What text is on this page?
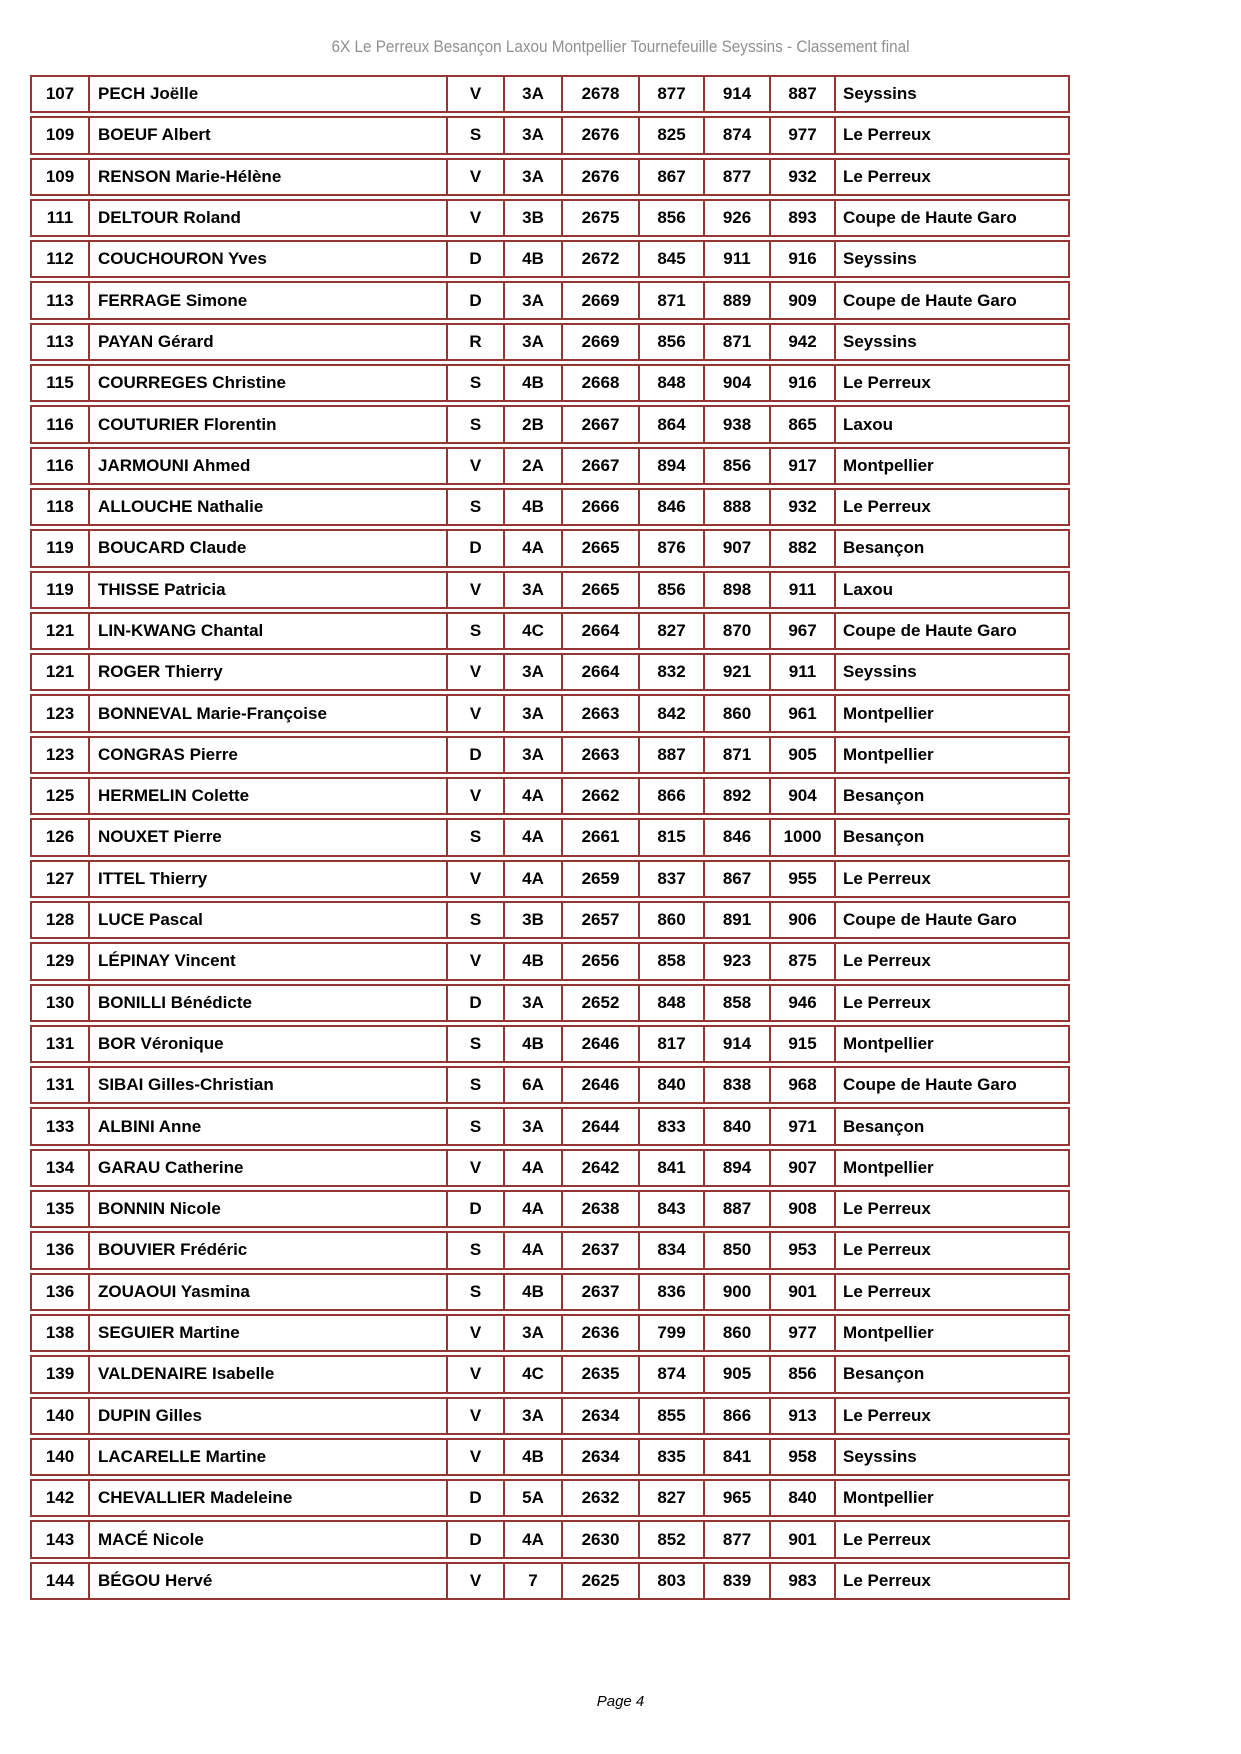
6X Le Perreux Besançon Laxou Montpellier Tournefeuille Seyssins - Classement final
107	PECH Joëlle	V	3A	2678	877	914	887	Seyssins
109	BOEUF Albert	S	3A	2676	825	874	977	Le Perreux
109	RENSON Marie-Hélène	V	3A	2676	867	877	932	Le Perreux
111	DELTOUR Roland	V	3B	2675	856	926	893	Coupe de Haute Garo
112	COUCHOURON Yves	D	4B	2672	845	911	916	Seyssins
113	FERRAGE Simone	D	3A	2669	871	889	909	Coupe de Haute Garo
113	PAYAN Gérard	R	3A	2669	856	871	942	Seyssins
115	COURREGES Christine	S	4B	2668	848	904	916	Le Perreux
116	COUTURIER Florentin	S	2B	2667	864	938	865	Laxou
116	JARMOUNI Ahmed	V	2A	2667	894	856	917	Montpellier
118	ALLOUCHE Nathalie	S	4B	2666	846	888	932	Le Perreux
119	BOUCARD Claude	D	4A	2665	876	907	882	Besançon
119	THISSE Patricia	V	3A	2665	856	898	911	Laxou
121	LIN-KWANG Chantal	S	4C	2664	827	870	967	Coupe de Haute Garo
121	ROGER Thierry	V	3A	2664	832	921	911	Seyssins
123	BONNEVAL Marie-Françoise	V	3A	2663	842	860	961	Montpellier
123	CONGRAS Pierre	D	3A	2663	887	871	905	Montpellier
125	HERMELIN Colette	V	4A	2662	866	892	904	Besançon
126	NOUXET Pierre	S	4A	2661	815	846	1000	Besançon
127	ITTEL Thierry	V	4A	2659	837	867	955	Le Perreux
128	LUCE Pascal	S	3B	2657	860	891	906	Coupe de Haute Garo
129	LÉPINAY Vincent	V	4B	2656	858	923	875	Le Perreux
130	BONILLI Bénédicte	D	3A	2652	848	858	946	Le Perreux
131	BOR Véronique	S	4B	2646	817	914	915	Montpellier
131	SIBAI Gilles-Christian	S	6A	2646	840	838	968	Coupe de Haute Garo
133	ALBINI Anne	S	3A	2644	833	840	971	Besançon
134	GARAU Catherine	V	4A	2642	841	894	907	Montpellier
135	BONNIN Nicole	D	4A	2638	843	887	908	Le Perreux
136	BOUVIER Frédéric	S	4A	2637	834	850	953	Le Perreux
136	ZOUAOUI Yasmina	S	4B	2637	836	900	901	Le Perreux
138	SEGUIER Martine	V	3A	2636	799	860	977	Montpellier
139	VALDENAIRE Isabelle	V	4C	2635	874	905	856	Besançon
140	DUPIN Gilles	V	3A	2634	855	866	913	Le Perreux
140	LACARELLE Martine	V	4B	2634	835	841	958	Seyssins
142	CHEVALLIER Madeleine	D	5A	2632	827	965	840	Montpellier
143	MACÉ Nicole	D	4A	2630	852	877	901	Le Perreux
144	BÉGOU Hervé	V	7	2625	803	839	983	Le Perreux
Page 4
